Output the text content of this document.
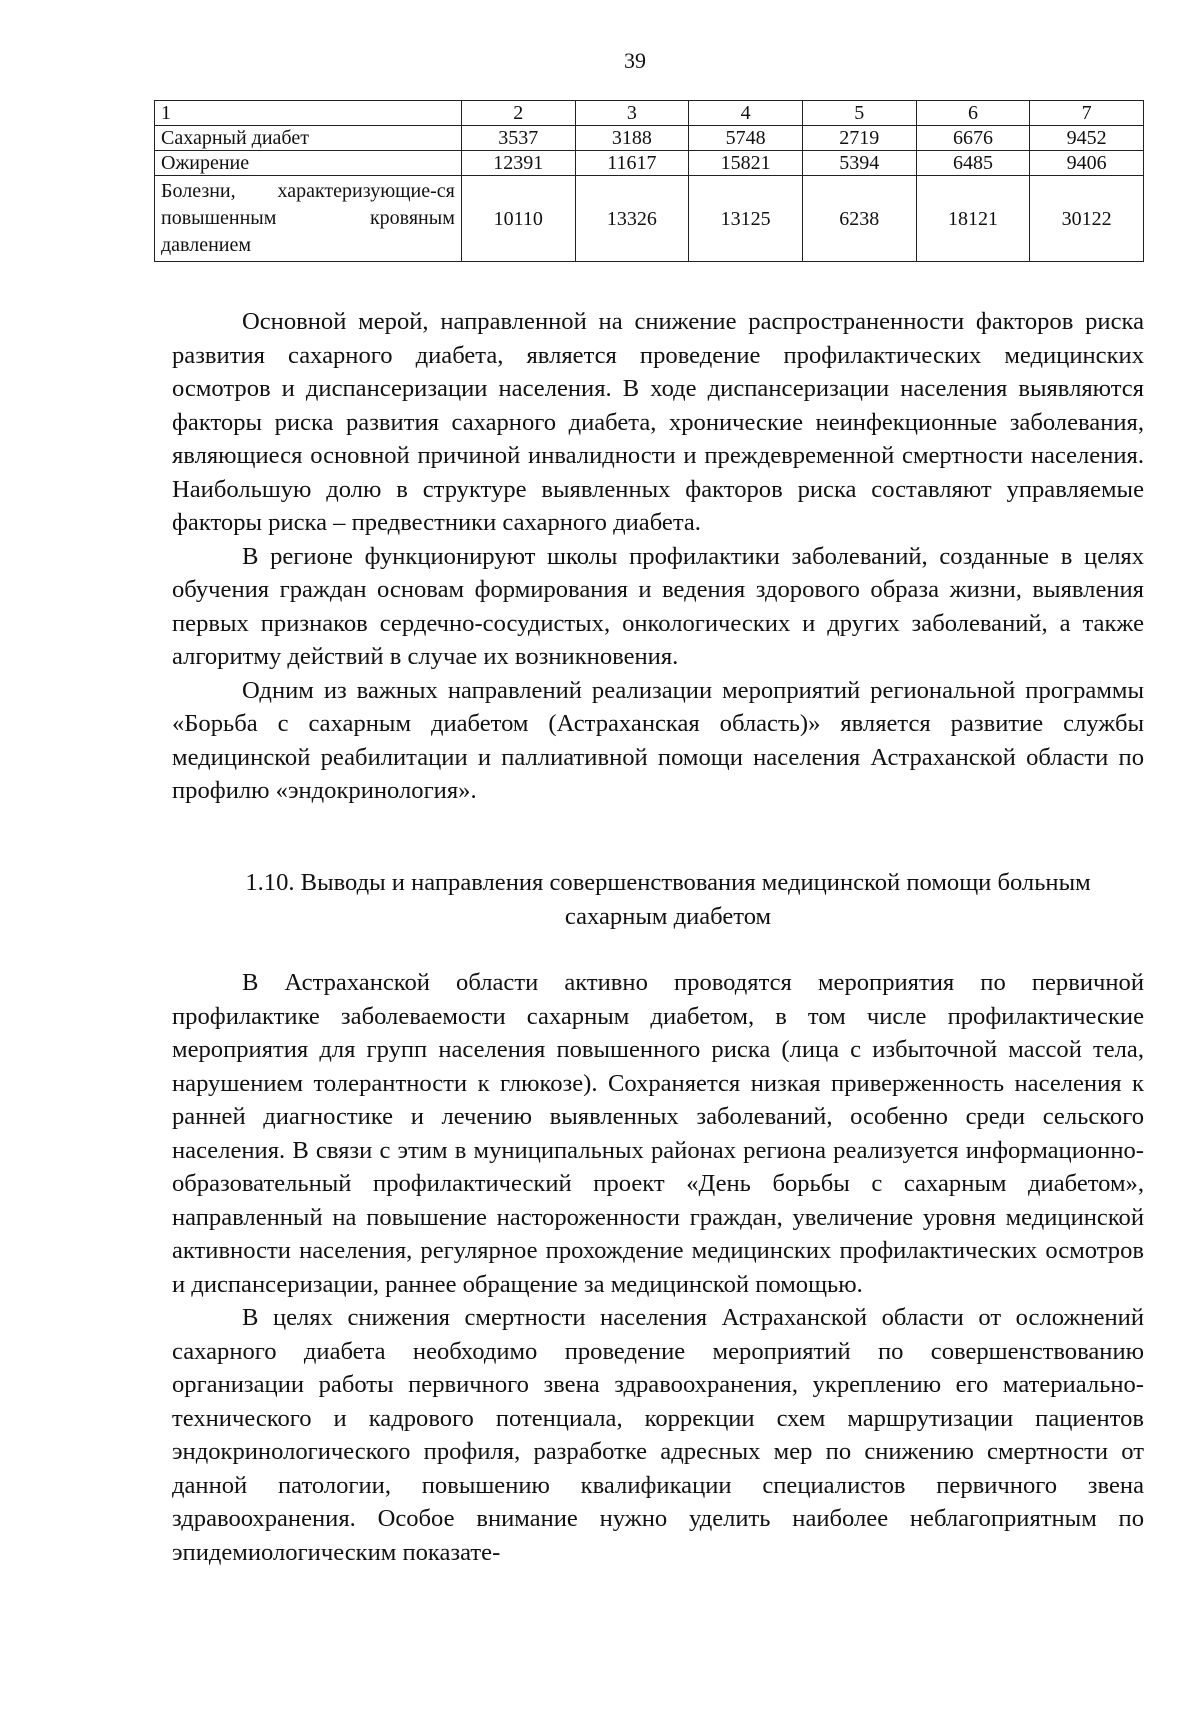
39
1	2	3	4	5	6	7
Сахарный диабет	3537	3188	5748	2719	6676	9452
Ожирение	12391	11617	15821	5394	6485	9406
Болезни, характеризующие-ся повышенным кровяным давлением	10110	13326	13125	6238	18121	30122

Основной мерой, направленной на снижение распространенности факторов риска развития сахарного диабета, является проведение профилактических медицинских осмотров и диспансеризации населения. В ходе диспансеризации населения выявляются факторы риска развития сахарного диабета, хронические неинфекционные заболевания, являющиеся основной причиной инвалидности и преждевременной смертности населения. Наибольшую долю в структуре выявленных факторов риска составляют управляемые факторы риска – предвестники сахарного диабета.

В регионе функционируют школы профилактики заболеваний, созданные в целях обучения граждан основам формирования и ведения здорового образа жизни, выявления первых признаков сердечно-сосудистых, онкологических и других заболеваний, а также алгоритму действий в случае их возникновения.

Одним из важных направлений реализации мероприятий региональной программы «Борьба с сахарным диабетом (Астраханская область)» является развитие службы медицинской реабилитации и паллиативной помощи населения Астраханской области по профилю «эндокринология».

1.10. Выводы и направления совершенствования медицинской помощи больным сахарным диабетом

В Астраханской области активно проводятся мероприятия по первичной профилактике заболеваемости сахарным диабетом, в том числе профилактические мероприятия для групп населения повышенного риска (лица с избыточной массой тела, нарушением толерантности к глюкозе). Сохраняется низкая приверженность населения к ранней диагностике и лечению выявленных заболеваний, особенно среди сельского населения. В связи с этим в муниципальных районах региона реализуется информационно-образовательный профилактический проект «День борьбы с сахарным диабетом», направленный на повышение настороженности граждан, увеличение уровня медицинской активности населения, регулярное прохождение медицинских профилактических осмотров и диспансеризации, раннее обращение за медицинской помощью.

В целях снижения смертности населения Астраханской области от осложнений сахарного диабета необходимо проведение мероприятий по совершенствованию организации работы первичного звена здравоохранения, укреплению его материально-технического и кадрового потенциала, коррекции схем маршрутизации пациентов эндокринологического профиля, разработке адресных мер по снижению смертности от данной патологии, повышению квалификации специалистов первичного звена здравоохранения. Особое внимание нужно уделить наиболее неблагоприятным по эпидемиологическим показате-
